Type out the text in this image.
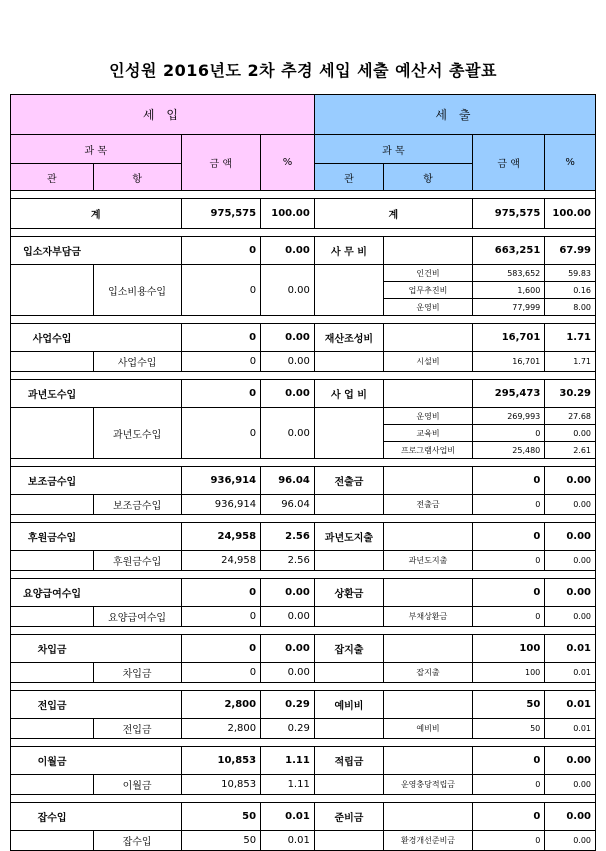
인성원 2016년도 2차 추경 세입 세출 예산서 총괄표
세 입				세 출			
과 목		금 액	%	과 목		금 액	%
관	항			관	항		

계		975,575	100.00	계		975,575	100.00

입소자부담금		0	0.00	사 무 비		663,251	67.99
	입소비용수입	0	0.00		인건비	583,652	59.83
					업무추진비	1,600	0.16
					운영비	77,999	8.00

사업수입		0	0.00	재산조성비		16,701	1.71
	사업수입	0	0.00		시설비	16,701	1.71

과년도수입		0	0.00	사 업 비		295,473	30.29
	과년도수입	0	0.00		운영비	269,993	27.68
					교육비	0	0.00
					프로그램사업비	25,480	2.61

보조금수입		936,914	96.04	전출금		0	0.00
	보조금수입	936,914	96.04		전출금	0	0.00

후원금수입		24,958	2.56	과년도지출		0	0.00
	후원금수입	24,958	2.56		과년도지출	0	0.00

요양급여수입		0	0.00	상환금		0	0.00
	요양급여수입	0	0.00		부채상환금	0	0.00

차입금		0	0.00	잡지출		100	0.01
	차입금	0	0.00		잡지출	100	0.01

전입금		2,800	0.29	예비비		50	0.01
	전입금	2,800	0.29		예비비	50	0.01

이월금		10,853	1.11	적립금		0	0.00
	이월금	10,853	1.11		운영충당적립금	0	0.00

잡수입		50	0.01	준비금		0	0.00
	잡수입	50	0.01		환경개선준비금	0	0.00
